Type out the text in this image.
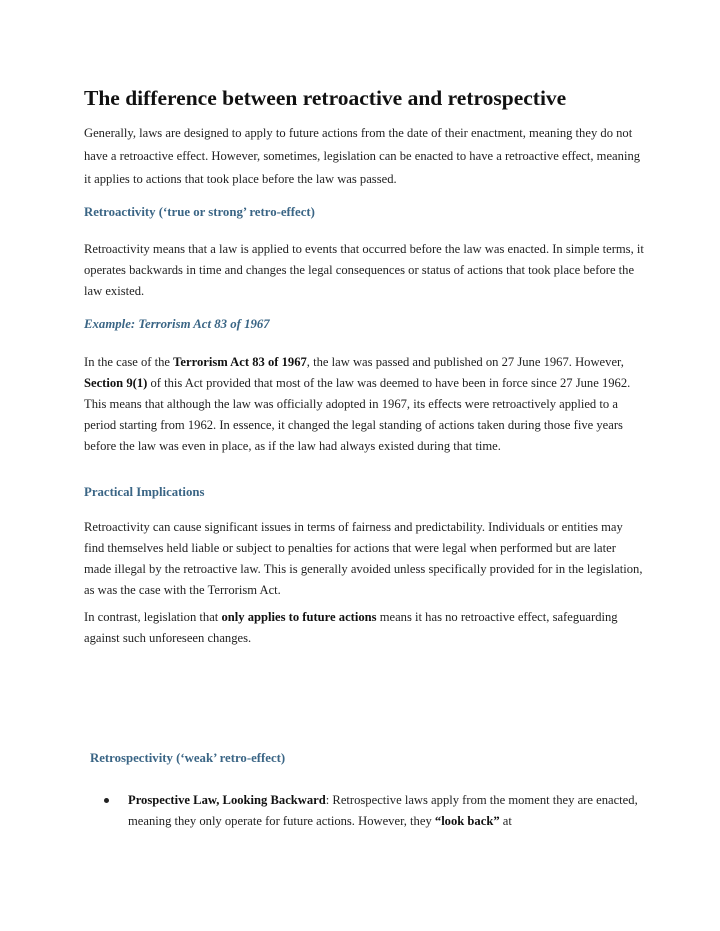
The difference between retroactive and retrospective

Generally, laws are designed to apply to future actions from the date of their enactment, meaning they do not have a retroactive effect. However, sometimes, legislation can be enacted to have a retroactive effect, meaning it applies to actions that took place before the law was passed.

Retroactivity (‘true or strong’ retro-effect)

Retroactivity means that a law is applied to events that occurred before the law was enacted. In simple terms, it operates backwards in time and changes the legal consequences or status of actions that took place before the law existed.

Example: Terrorism Act 83 of 1967

In the case of the Terrorism Act 83 of 1967, the law was passed and published on 27 June 1967. However, Section 9(1) of this Act provided that most of the law was deemed to have been in force since 27 June 1962. This means that although the law was officially adopted in 1967, its effects were retroactively applied to a period starting from 1962. In essence, it changed the legal standing of actions taken during those five years before the law was even in place, as if the law had always existed during that time.

Practical Implications

Retroactivity can cause significant issues in terms of fairness and predictability. Individuals or entities may find themselves held liable or subject to penalties for actions that were legal when performed but are later made illegal by the retroactive law. This is generally avoided unless specifically provided for in the legislation, as was the case with the Terrorism Act.

In contrast, legislation that only applies to future actions means it has no retroactive effect, safeguarding against such unforeseen changes.

Retrospectivity (‘weak’ retro-effect)

Prospective Law, Looking Backward: Retrospective laws apply from the moment they are enacted, meaning they only operate for future actions. However, they “look back” at
